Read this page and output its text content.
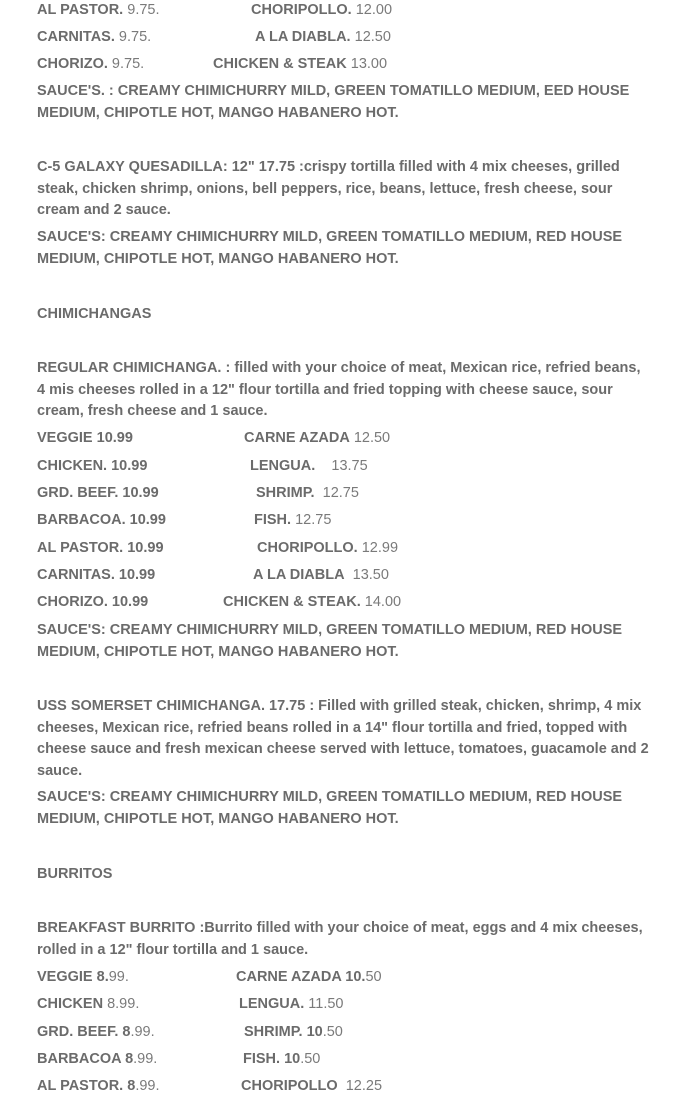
AL PASTOR. 9.75.	CHORIPOLLO. 12.00
CARNITAS. 9.75.	A LA DIABLA. 12.50
CHORIZO. 9.75.	CHICKEN & STEAK 13.00
SAUCE'S. : CREAMY CHIMICHURRY MILD, GREEN TOMATILLO MEDIUM, EED HOUSE MEDIUM, CHIPOTLE HOT, MANGO HABANERO HOT.
C-5 GALAXY QUESADILLA: 12" 17.75 :crispy tortilla filled with 4 mix cheeses, grilled steak, chicken shrimp, onions, bell peppers, rice, beans, lettuce, fresh cheese, sour cream and 2 sauce.
SAUCE'S: CREAMY CHIMICHURRY MILD, GREEN TOMATILLO MEDIUM, RED HOUSE MEDIUM, CHIPOTLE HOT, MANGO HABANERO HOT.
CHIMICHANGAS
REGULAR CHIMICHANGA. : filled with your choice of meat, Mexican rice, refried beans, 4 mis cheeses rolled in a 12" flour tortilla and fried topping with cheese sauce, sour cream, fresh cheese and 1 sauce.
VEGGIE 10.99	CARNE AZADA 12.50
CHICKEN. 10.99	LENGUA. 13.75
GRD. BEEF. 10.99	SHRIMP. 12.75
BARBACOA. 10.99	FISH. 12.75
AL PASTOR. 10.99	CHORIPOLLO. 12.99
CARNITAS. 10.99	A LA DIABLA 13.50
CHORIZO. 10.99	CHICKEN & STEAK. 14.00
SAUCE'S: CREAMY CHIMICHURRY MILD, GREEN TOMATILLO MEDIUM, RED HOUSE MEDIUM, CHIPOTLE HOT, MANGO HABANERO HOT.
USS SOMERSET CHIMICHANGA. 17.75 : Filled with grilled steak, chicken, shrimp, 4 mix cheeses, Mexican rice, refried beans rolled in a 14" flour tortilla and fried, topped with cheese sauce and fresh mexican cheese served with lettuce, tomatoes, guacamole and 2 sauce.
SAUCE'S: CREAMY CHIMICHURRY MILD, GREEN TOMATILLO MEDIUM, RED HOUSE MEDIUM, CHIPOTLE HOT, MANGO HABANERO HOT.
BURRITOS
BREAKFAST BURRITO :Burrito filled with your choice of meat, eggs and 4 mix cheeses, rolled in a 12" flour tortilla and 1 sauce.
VEGGIE 8.99.	CARNE AZADA 10.50
CHICKEN 8.99.	LENGUA. 11.50
GRD. BEEF. 8.99.	SHRIMP. 10.50
BARBACOA 8.99.	FISH. 10.50
AL PASTOR. 8.99.	CHORIPOLLO 12.25
